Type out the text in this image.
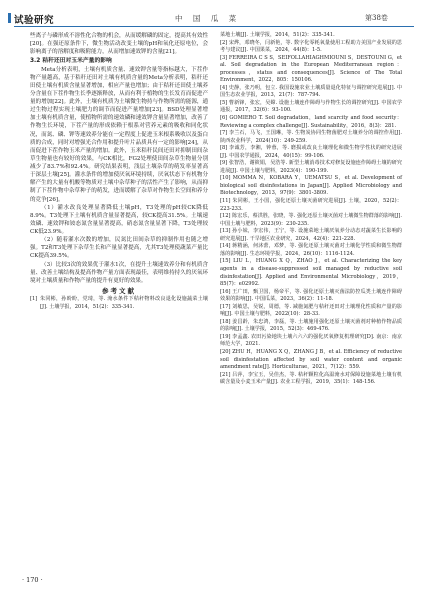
试验研究	中 国 瓜 菜	第38卷

些离子与磷形成不溶性化合物的机会，从而缓解磷的固定，提高其有效性[20]。在强还原条件下，微生物活动改变土壤的pH和氧化还原电位，会影响离子的溶解度和吸附能力，从而增加速效钾的含量[21]。

3.2 秸秆还田对玉米产量的影响

Meta分析表明，土壤有机质含量、速效钾含量等指标越大，下茬作物产量越高，基于秸秆还田对土壤有机质含量的Meta分析表明，秸秆还田使土壤有机质含量显著增加，相应产量也增加；由于秸秆还田使土壤养分含量在下茬作物生长季逐渐释放，从而有利于植物的生长发育而促进产量的增加[22]。此外，土壤有机质为土壤微生物持与作物所需的能源，通过生物过程实现土壤肥力的调节而促进产量增加[23]。BSD处理显著增加土壤有机质含量，使植物所需的速效磷和速效钾含量显著增加，改善了作物生长环境，下茬产量的形成依赖于根系对营养元素的吸收和同化状况，而氮、磷、钾等速效养分能在一定程度上促进玉米根系吸收以及蛋白质的合成，同时对增强光合作用和提升叶片品质具有一定的影响[24]，从而促进下茬作物玉米产量的增加。此外，玉米秸秆民间还田对抑制田间杂草生物量也有较好的效果，与CK相比，FG2处理使田间杂草生物量分别减少了83.7%和92.4%。研究结果表明，浅层土壤杂草的萌发率显著高于深层土壤[25]。灌水条件的增加使厌氧环境持续，厌氧状态下有机物分解产生的大量有机酸等物质对土壤中杂草种子的活性产生了影响，从而抑制了下茬作物中杂草种子的萌发，进而缓解了杂草对作物生长空间和养分的竞争[26]。

（1）灌水改良处理显著降低土壤pH，T3处理的pH较CK降低8.9%。T3处理下土壤有机质含量显著提高，较CK提高31.5%。土壤速效磷、速效钾和铵态氮含量显著提高，硝态氮含量显著下降，T3处理较CK低23.9%。

（2）随着灌水次数的增加，民氮比田间杂草的抑制作用也随之增强。T2和T3处理下杂草生长和产量显著提高，尤其T3处理使蔬菜产量比CK提高39.5%。

（3）比较3次的效果优于灌水1次，在提升土壤速效养分和有机质含量、改善土壤结构及提高作物产量方面表现最佳，表明维持持久的厌氧环境对土壤质量和作物产量的提升有更好的效果。

参考文献

[1] 朱同彬，孙盼盼，党琦，等. 淹水条件下秸秆物料改良退化设施蔬菜土壤[J]. 土壤学报，2014，51(2)：335-341.

菜地土壤[J]. 土壤学报，2014，51(2)：335-341.

[2] 宋烨，邓晓冬，闫新艳，等. 数字化零耗氧量使用工程助力美国产业发展的思考与建议[J]. 中国果菜，2024，44(8)：1-5.

[3] FERREIRA C S S，SEIFOLLAHIAGHMIOUNI S，DESTOUNI G，et al. Soil degradation in the European Mediterranean region：processes，status and consequences[J]. Science of The Total Environment，2022，805：150106.

[4] 史静，张乃明，包立. 我国设施农业土壤质量退化特征与调控研究进展[J]. 中国生态农业学报，2013，21(7)：787-794.

[5] 曹新锋，张宏，吴嫦. 设施土壤连作障碍与作物生长的调控研究[J]. 中国农学通报，2017，32(6)：93-100.

[6] GOMIERO T. Soil degradation，land scarcity and food security：Reviewing a complex challenge[J]. Sustainability，2016，8(3)：281.

[7] 李兰石，马飞，王国琳，等. 生物炭协同生物菌肥对土壤养分的调控作用[J]. 陕西农业科学，2024(10)：249-259.

[8] 李诚芳，李湘，钟蓉，等. 磨损或改良土壤理化和微生物学性状的研究进展[J]. 中国农学通报，2024，40(15)：99-106.

[9] 张智浩，谢筱娟，吴浩等. 新型土壤消毒技术对修复设施连作障碍土壤的研究进展[J]. 中国土壤与肥料，2023(4)：190-199.

[10] MOMMA N，KOBARA Y，UEMATSU S，et al. Development of biological soil disinfestations in Japan[J]. Applied Microbiology and Biotechnology，2013，97(9)：3801-3809.

[11] 朱同彬，王小国，强化还原土壤灭菌研究进展[J]. 土壤，2020，52(2)：223-233.

[12] 陈宏乐，蔡洪胜，张晓，等. 强化还原土壤灭菌对土壤微生物群落的影响[J]. 中国土壤与肥料，2023(9)：230-235.

[13] 孙小妹，李宏伟，王宁，等. 设施菜地土壤厌氧养分动态对蔬菜生长影响的研究进展[J]. 干旱地区农业研究，2024，42(4)：221-228.

[14] 蒋精涵，何沐蕾，邓梦，等. 强化还原土壤灭菌对土壤化学性质和微生物群落的影响[J]. 生态环境学报，2024，26(10)：1116-1124.

[15] LIU L，HUANG X Q，ZHAO J，et al. Characterizing the key agents in a disease-suppressed soil managed by reductive soil disinfestation[J]. Applied and Environmental Microbiology，2019，85(7)：e02992.

[16] 王广田，甄卫国，杨帝平，等. 强化还原土壤灭菌法防控瓜类土壤连作障碍效果的影响[J]. 中国瓜菜，2023，36(2)：11-18.

[17] 刘敏思，吴锐，周德，等. 减施氮肥与秸秆还田对土壤理化性质和产量的影响[J]. 中国土壤与肥料，2022(10)：28-33.

[18] 姜昌龄，朱忠鸿，李磊，等. 土壤施用强化还原土壤灭菌剂对种植作物品质的影响[J]. 土壤学报，2015，52(3)：469-476.

[19] 李孟鑫. 农田污染地块土壤六六六的强化厌氧修复机理研究[D]. 南京：南京师范大学，2021.

[20] ZHU H，HUANG X Q，ZHANG J B，et al. Efficiency of reductive soil disinfestation affected by soil water content and organic amendment rate[J]. Horticulturae，2021，7(12)：559.

[21] 吕萍，李宝玉，吴佳杰，等. 秸秆颗粒化高温淹水对保障设施菜地土壤有机碳含量及小麦玉米产量[J]. 农业工程学报，2019，35(1)：148-156.

· 170 ·
